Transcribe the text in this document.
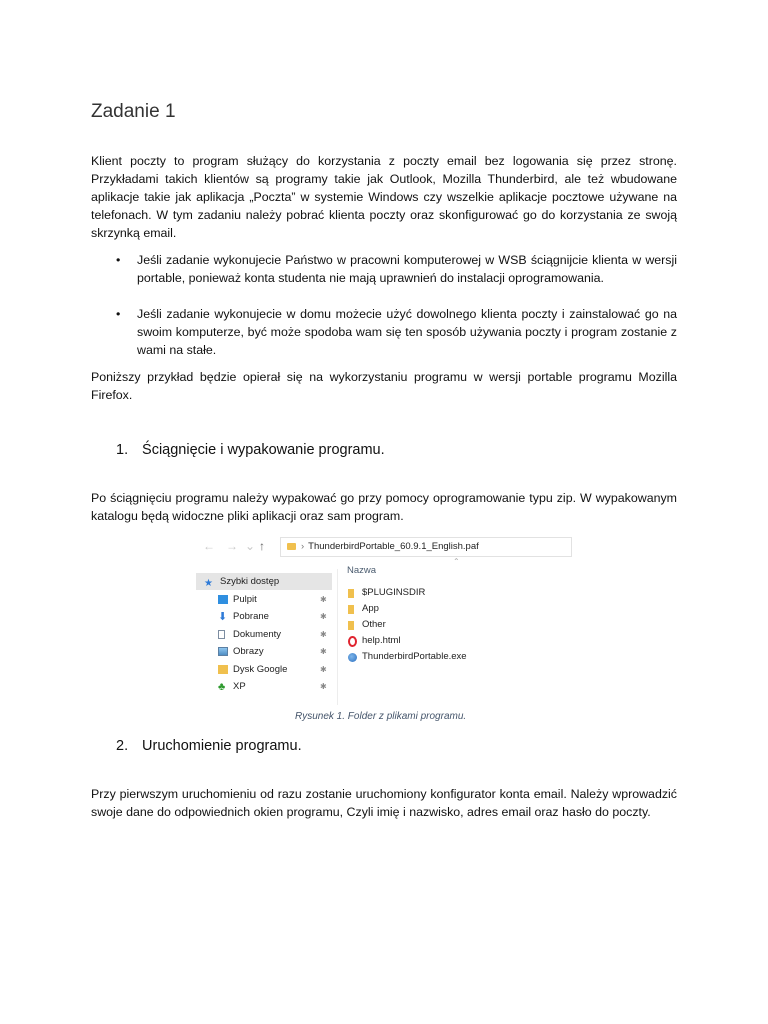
Zadanie 1
Klient poczty to program służący do korzystania z poczty email bez logowania się przez stronę. Przykładami takich klientów są programy takie jak Outlook, Mozilla Thunderbird, ale też wbudowane aplikacje takie jak aplikacja „Poczta” w systemie Windows czy wszelkie aplikacje pocztowe używane na telefonach. W tym zadaniu należy pobrać klienta poczty oraz skonfigurować go do korzystania ze swoją skrzynką email.
• Jeśli zadanie wykonujecie Państwo w pracowni komputerowej w WSB ściągnijcie klienta w wersji portable, ponieważ konta studenta nie mają uprawnień do instalacji oprogramowania.
• Jeśli zadanie wykonujecie w domu możecie użyć dowolnego klienta poczty i zainstalować go na swoim komputerze, być może spodoba wam się ten sposób używania poczty i program zostanie z wami na stałe.
Poniższy przykład będzie opierał się na wykorzystaniu programu w wersji portable programu Mozilla Firefox.
1. Ściągnięcie i wypakowanie programu.
Po ściągnięciu programu należy wypakować go przy pomocy oprogramowanie typu zip. W wypakowanym katalogu będą widoczne pliki aplikacji oraz sam program.
← → ⌄ ↑	› ThunderbirdPortable_60.9.1_English.paf
★ Szybki dostęp
Pulpit	✱
⬇ Pobrane	✱
Dokumenty	✱
Obrazy	✱
Dysk Google	✱
♣ XP	✱
⌃
Nazwa
$PLUGINSDIR
App
Other
help.html
ThunderbirdPortable.exe
Rysunek 1. Folder z plikami programu.
2. Uruchomienie programu.
Przy pierwszym uruchomieniu od razu zostanie uruchomiony konfigurator konta email. Należy wprowadzić swoje dane do odpowiednich okien programu, Czyli imię i nazwisko, adres email oraz hasło do poczty.
